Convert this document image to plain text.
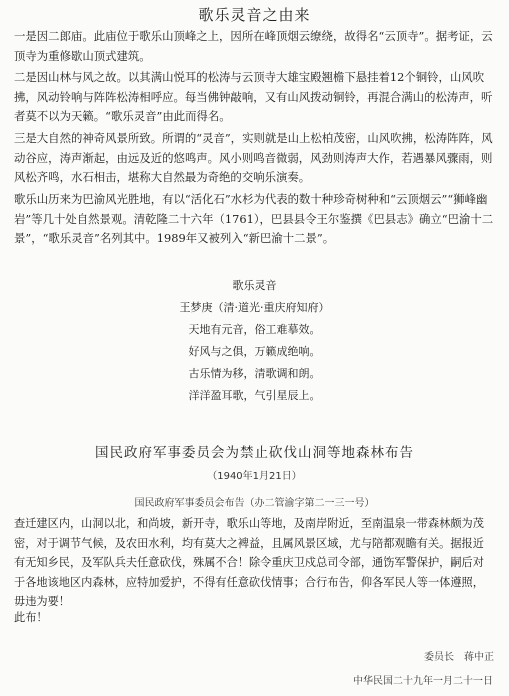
歌乐灵音之由来

一是因二郎庙。此庙位于歌乐山顶峰之上，因所在峰顶烟云缭绕，故得名“云顶寺”。据考证，云顶寺为重修歇山顶式建筑。

二是因山林与风之故。以其满山悦耳的松涛与云顶寺大雄宝殿翘檐下悬挂着12个铜铃，山风吹拂，风动铃响与阵阵松涛相呼应。每当佛钟敲响，又有山风拨动铜铃，再混合满山的松涛声，听者莫不以为天籁。“歌乐灵音”由此而得名。

三是大自然的神奇风景所致。所谓的“灵音”，实则就是山上松柏茂密，山风吹拂，松涛阵阵，风动谷应，涛声渐起，由远及近的悠鸣声。风小则鸣音微弱，风劲则涛声大作，若遇暴风骤雨，则风松齐鸣，水石相击，堪称大自然最为奇绝的交响乐演奏。

歌乐山历来为巴渝风光胜地，有以“活化石”水杉为代表的数十种珍奇树种和“云顶烟云”“狮峰幽岩”等几十处自然景观。清乾隆二十六年（1761），巴县县令王尔鉴撰《巴县志》确立“巴渝十二景”，“歌乐灵音”名列其中。1989年又被列入“新巴渝十二景”。

歌乐灵音
王梦庚（清·道光·重庆府知府）
天地有元音，俗工难摹效。
好风与之俱，万籁成绝响。
古乐情为移，清歌调和朗。
洋洋盈耳歌，气引星辰上。
国民政府军事委员会为禁止砍伐山洞等地森林布告
（1940年1月21日）
国民政府军事委员会布告（办二管渝字第二一三一号）

查迁建区内，山洞以北，和尚坡，新开寺，歌乐山等地，及南岸附近，至南温泉一带森林颇为茂密，对于调节气候，及农田水利，均有莫大之裨益，且属风景区域，尤与陪都观瞻有关。据报近有无知乡民，及军队兵夫任意砍伐，殊属不合！除令重庆卫戍总司令部，通饬军警保护，嗣后对于各地该地区内森林，应特加爱护，不得有任意砍伐情事；合行布告，仰各军民人等一体遵照，毋违为要！

此布！
委员长 蒋中正
中华民国二十九年一月二十一日
